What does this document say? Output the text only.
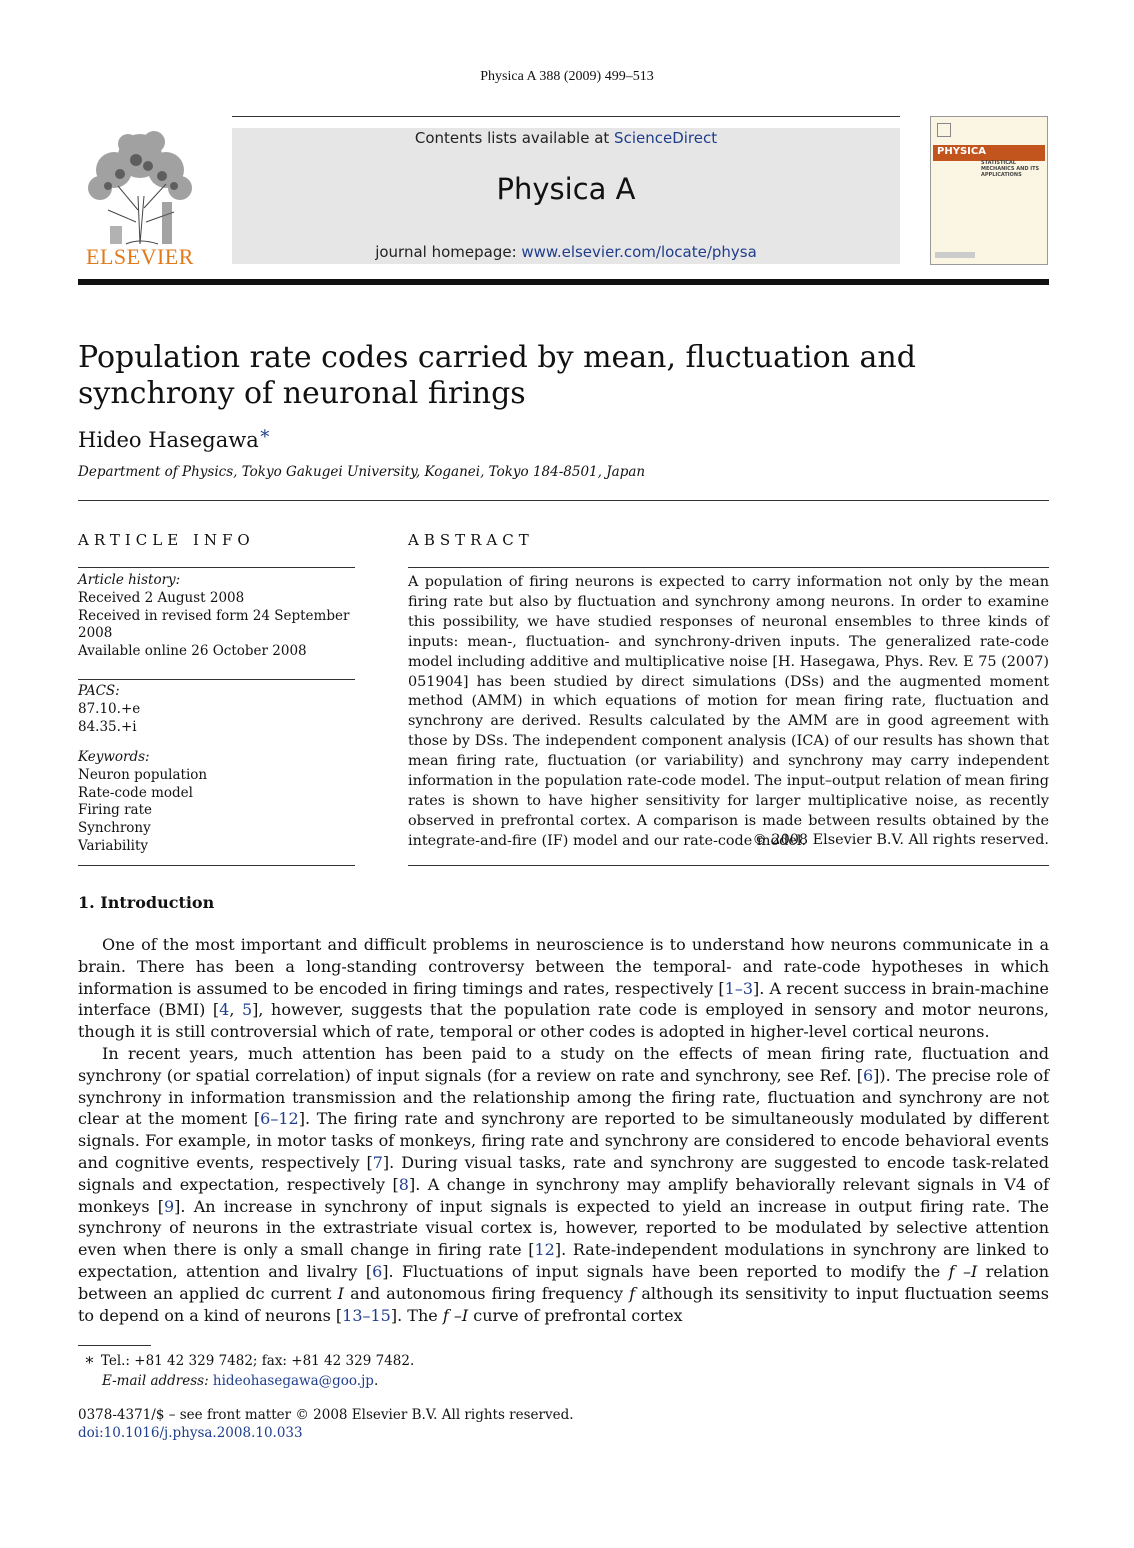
Physica A 388 (2009) 499–513
Contents lists available at ScienceDirect
Physica A
journal homepage: www.elsevier.com/locate/physa
ELSEVIER
PHYSICA
STATISTICAL MECHANICS AND ITS APPLICATIONS
Population rate codes carried by mean, fluctuation and synchrony of neuronal firings
Hideo Hasegawa∗
Department of Physics, Tokyo Gakugei University, Koganei, Tokyo 184-8501, Japan
ARTICLE INFO
Article history:
Received 2 August 2008
Received in revised form 24 September 2008
Available online 26 October 2008
PACS:
87.10.+e
84.35.+i
Keywords:
Neuron population
Rate-code model
Firing rate
Synchrony
Variability
ABSTRACT

A population of firing neurons is expected to carry information not only by the mean firing rate but also by fluctuation and synchrony among neurons. In order to examine this possibility, we have studied responses of neuronal ensembles to three kinds of inputs: mean-, fluctuation- and synchrony-driven inputs. The generalized rate-code model including additive and multiplicative noise [H. Hasegawa, Phys. Rev. E 75 (2007) 051904] has been studied by direct simulations (DSs) and the augmented moment method (AMM) in which equations of motion for mean firing rate, fluctuation and synchrony are derived. Results calculated by the AMM are in good agreement with those by DSs. The independent component analysis (ICA) of our results has shown that mean firing rate, fluctuation (or variability) and synchrony may carry independent information in the population rate-code model. The input–output relation of mean firing rates is shown to have higher sensitivity for larger multiplicative noise, as recently observed in prefrontal cortex. A comparison is made between results obtained by the integrate-and-fire (IF) model and our rate-code model.

© 2008 Elsevier B.V. All rights reserved.
1. Introduction

One of the most important and difficult problems in neuroscience is to understand how neurons communicate in a brain. There has been a long-standing controversy between the temporal- and rate-code hypotheses in which information is assumed to be encoded in firing timings and rates, respectively [1–3]. A recent success in brain-machine interface (BMI) [4, 5], however, suggests that the population rate code is employed in sensory and motor neurons, though it is still controversial which of rate, temporal or other codes is adopted in higher-level cortical neurons.

In recent years, much attention has been paid to a study on the effects of mean firing rate, fluctuation and synchrony (or spatial correlation) of input signals (for a review on rate and synchrony, see Ref. [6]). The precise role of synchrony in information transmission and the relationship among the firing rate, fluctuation and synchrony are not clear at the moment [6–12]. The firing rate and synchrony are reported to be simultaneously modulated by different signals. For example, in motor tasks of monkeys, firing rate and synchrony are considered to encode behavioral events and cognitive events, respectively [7]. During visual tasks, rate and synchrony are suggested to encode task-related signals and expectation, respectively [8]. A change in synchrony may amplify behaviorally relevant signals in V4 of monkeys [9]. An increase in synchrony of input signals is expected to yield an increase in output firing rate. The synchrony of neurons in the extrastriate visual cortex is, however, reported to be modulated by selective attention even when there is only a small change in firing rate [12]. Rate-independent modulations in synchrony are linked to expectation, attention and livalry [6]. Fluctuations of input signals have been reported to modify the f –I relation between an applied dc current I and autonomous firing frequency f although its sensitivity to input fluctuation seems to depend on a kind of neurons [13–15]. The f –I curve of prefrontal cortex

∗ Tel.: +81 42 329 7482; fax: +81 42 329 7482.
E-mail address: hideohasegawa@goo.jp.
0378-4371/$ – see front matter © 2008 Elsevier B.V. All rights reserved.
doi:10.1016/j.physa.2008.10.033
